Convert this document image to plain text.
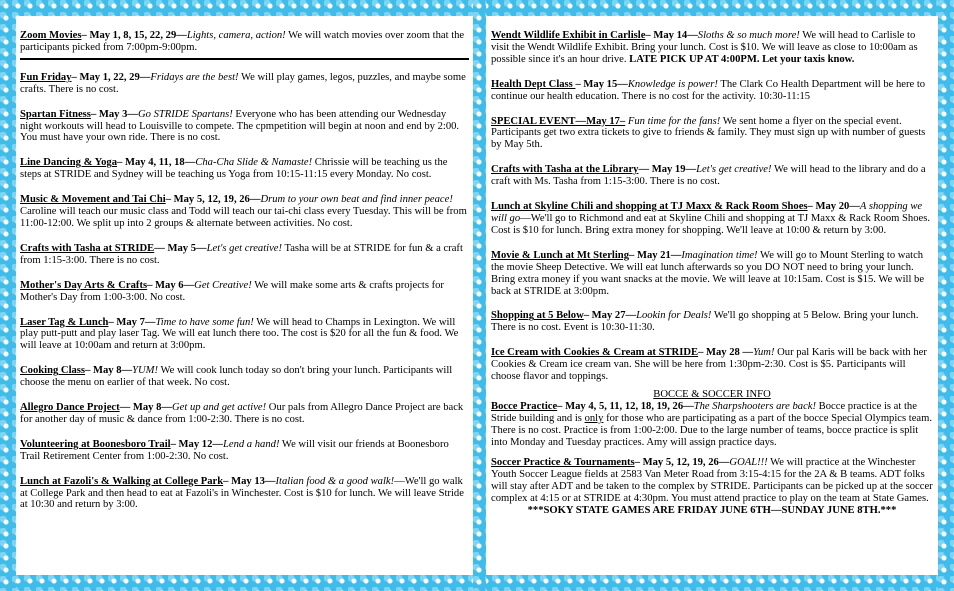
Zoom Movies– May 1, 8, 15, 22, 29—Lights, camera, action! We will watch movies over zoom that the participants picked from 7:00pm-9:00pm.

Fun Friday– May 1, 22, 29—Fridays are the best! We will play games, legos, puzzles, and maybe some crafts. There is no cost.

Spartan Fitness– May 3—Go STRIDE Spartans! Everyone who has been attending our Wednesday night workouts will head to Louisville to compete. The cpmpetition will begin at noon and end by 2:00. You must have your own ride. There is no cost.

Line Dancing & Yoga– May 4, 11, 18—Cha-Cha Slide & Namaste! Chrissie will be teaching us the steps at STRIDE and Sydney will be teaching us Yoga from 10:15-11:15 every Monday. No cost.

Music & Movement and Tai Chi– May 5, 12, 19, 26—Drum to your own beat and find inner peace! Caroline will teach our music class and Todd will teach our tai-chi class every Tuesday. This will be from 11:00-12:00. We split up into 2 groups & alternate between activities. No cost.

Crafts with Tasha at STRIDE— May 5—Let's get creative! Tasha will be at STRIDE for fun & a craft from 1:15-3:00. There is no cost.

Mother's Day Arts & Crafts– May 6—Get Creative! We will make some arts & crafts projects for Mother's Day from 1:00-3:00. No cost.

Laser Tag & Lunch– May 7—Time to have some fun! We will head to Champs in Lexington. We will play putt-putt and play laser Tag. We will eat lunch there too. The cost is $20 for all the fun & food. We will leave at 10:00am and return at 3:00pm.

Cooking Class– May 8—YUM! We will cook lunch today so don't bring your lunch. Participants will choose the menu on earlier of that week. No cost.

Allegro Dance Project— May 8—Get up and get active! Our pals from Allegro Dance Project are back for another day of music & dance from 1:00-2:30. There is no cost.

Volunteering at Boonesboro Trail– May 12—Lend a hand! We will visit our friends at Boonesboro Trail Retirement Center from 1:00-2:30. No cost.

Lunch at Fazoli's & Walking at College Park– May 13—Italian food & a good walk!—We'll go walk at College Park and then head to eat at Fazoli's in Winchester. Cost is $10 for lunch. We will leave Stride at 10:30 and return by 3:00.

Wendt Wildlife Exhibit in Carlisle– May 14—Sloths & so much more! We will head to Carlisle to visit the Wendt Wildlife Exhibit. Bring your lunch. Cost is $10. We will leave as close to 10:00am as possible since it's an hour drive. LATE PICK UP AT 4:00PM. Let your taxis know.

Health Dept Class – May 15—Knowledge is power! The Clark Co Health Department will be here to continue our health education. There is no cost for the activity. 10:30-11:15

SPECIAL EVENT—May 17– Fun time for the fans! We sent home a flyer on the special event. Participants get two extra tickets to give to friends & family. They must sign up with number of guests by May 5th.

Crafts with Tasha at the Library— May 19—Let's get creative! We will head to the library and do a craft with Ms. Tasha from 1:15-3:00. There is no cost.

Lunch at Skyline Chili and shopping at TJ Maxx & Rack Room Shoes– May 20—A shopping we will go—We'll go to Richmond and eat at Skyline Chili and shopping at TJ Maxx & Rack Room Shoes. Cost is $10 for lunch. Bring extra money for shopping. We'll leave at 10:00 & return by 3:00.

Movie & Lunch at Mt Sterling– May 21—Imagination time! We will go to Mount Sterling to watch the movie Sheep Detective. We will eat lunch afterwards so you DO NOT need to bring your lunch. Bring extra money if you want snacks at the movie. We will leave at 10:15am. Cost is $15. We will be back at STRIDE at 3:00pm.

Shopping at 5 Below– May 27—Lookin for Deals! We'll go shopping at 5 Below. Bring your lunch. There is no cost. Event is 10:30-11:30.

Ice Cream with Cookies & Cream at STRIDE– May 28 —Yum! Our pal Karis will be back with her Cookies & Cream ice cream van. She will be here from 1:30pm-2:30. Cost is $5. Participants will choose flavor and toppings.

BOCCE & SOCCER INFO

Bocce Practice– May 4, 5, 11, 12, 18, 19, 26—The Sharpshooters are back! Bocce practice is at the Stride building and is only for those who are participating as a part of the bocce Special Olympics team. There is no cost. Practice is from 1:00-2:00. Due to the large number of teams, bocce practice is split into Monday and Tuesday practices. Amy will assign practice days.

Soccer Practice & Tournaments– May 5, 12, 19, 26—GOAL!!! We will practice at the Winchester Youth Soccer League fields at 2583 Van Meter Road from 3:15-4:15 for the 2A & B teams. ADT folks will stay after ADT and be taken to the complex by STRIDE. Participants can be picked up at the soccer complex at 4:15 or at STRIDE at 4:30pm. You must attend practice to play on the team at State Games.

***SOKY STATE GAMES ARE FRIDAY JUNE 6TH—SUNDAY JUNE 8TH.***
